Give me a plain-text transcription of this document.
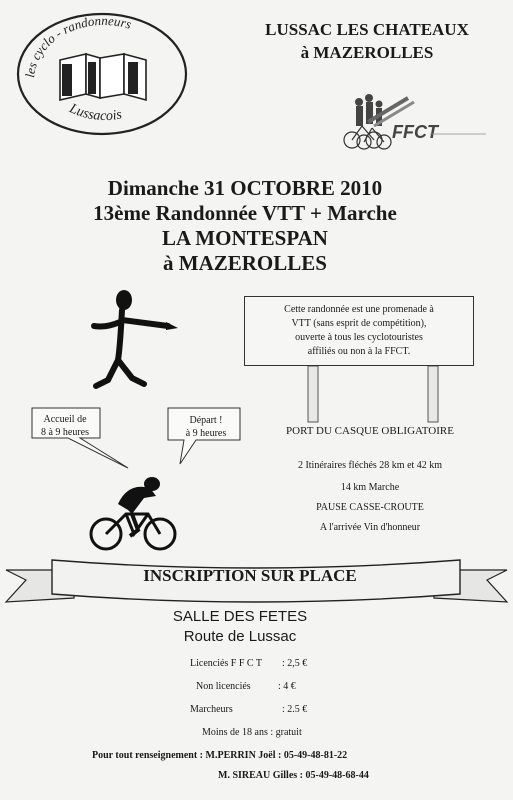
les cyclo - randonneurs
Lussacois
LUSSAC LES CHATEAUX
à MAZEROLLES
FFCT
Dimanche 31 OCTOBRE 2010
13ème Randonnée VTT + Marche
LA MONTESPAN
à MAZEROLLES
Cette randonnée est une promenade à
VTT (sans esprit de compétition),
ouverte à tous les cyclotouristes
affiliés ou non à la FFCT.
Accueil de
8 à 9 heures
Départ !
à 9 heures	PORT DU CASQUE OBLIGATOIRE
2 Itinéraires fléchés 28 km et 42 km
14 km Marche
PAUSE CASSE-CROUTE
A l'arrivée Vin d'honneur
INSCRIPTION SUR PLACE
SALLE DES FETES
Route de Lussac
Licenciés F F C T : 2,5 €
Non licenciés	: 4 €
Marcheurs	: 2.5 €
Moins de 18 ans : gratuit
Pour tout renseignement : M.PERRIN Joël : 05-49-48-81-22
M. SIREAU Gilles : 05-49-48-68-44
